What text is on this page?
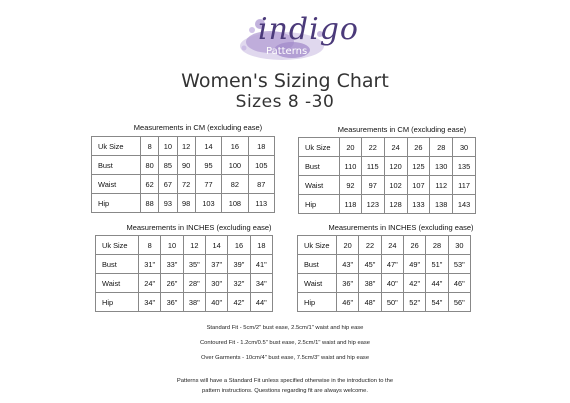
indigo
Patterns
Women's Sizing Chart
Sizes 8 -30
Measurements in CM (excluding ease)
Uk Size	8	10	12	14	16	18
Bust	80	85	90	95	100	105
Waist	62	67	72	77	82	87
Hip	88	93	98	103	108	113
Measurements in CM (excluding ease)
Uk Size	20	22	24	26	28	30
Bust	110	115	120	125	130	135
Waist	92	97	102	107	112	117
Hip	118	123	128	133	138	143
Measurements in INCHES (excluding ease)
Uk Size	8	10	12	14	16	18
Bust	31"	33"	35"	37"	39"	41"
Waist	24"	26"	28"	30"	32"	34"
Hip	34"	36"	38"	40"	42"	44"
Measurements in INCHES (excluding ease)
Uk Size	20	22	24	26	28	30
Bust	43"	45"	47"	49"	51"	53"
Waist	36"	38"	40"	42"	44"	46"
Hip	46"	48"	50"	52"	54"	56"
Standard Fit - 5cm/2" bust ease, 2.5cm/1" waist and hip ease
Contoured Fit - 1.2cm/0.5" bust ease, 2.5cm/1" waist and hip ease
Over Garments - 10cm/4" bust ease, 7.5cm/3" waist and hip ease
Patterns will have a Standard Fit unless specified otherwise in the introduction to the
pattern instructions. Questions regarding fit are always welcome.
